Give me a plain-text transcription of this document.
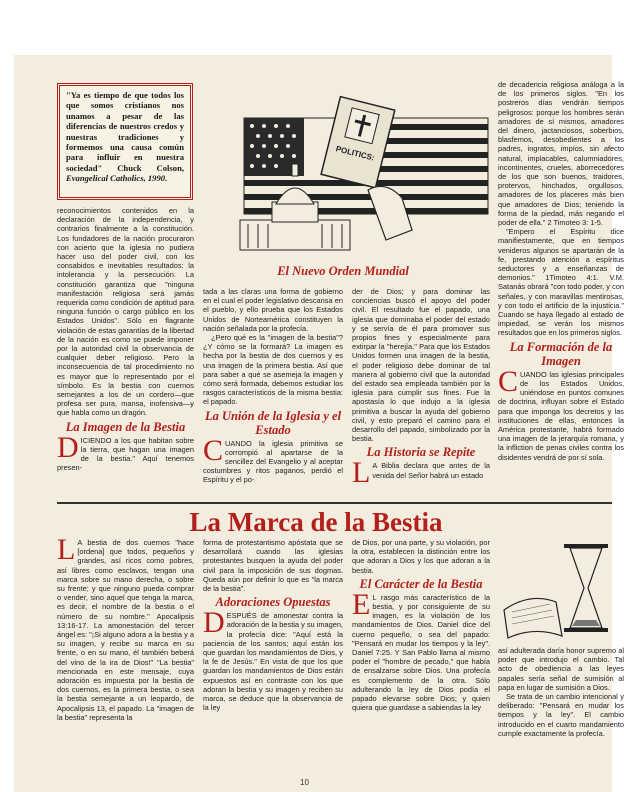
"Ya es tiempo de que todos los que somos cristianos nos unamos a pesar de las diferencias de nuestros credos y nuestras tradiciones y formemos una causa común para influir en nuestra sociedad" Chuck Colson, Evangelical Catholics, 1990.
POLITICS:
El Nuevo Orden Mundial

reconocimientos contenidos en la declaración de la independencia, y contrarios finalmente a la constitución. Los fundadores de la nación procuraron con acierto que la iglesia no pudiera hacer uso del poder civil, con los consabidos e inevitables resultados: la intolerancia y la persecución. La constitución garantiza que "ninguna manifestación religiosa será jamás requerida como condición de aptitud para ninguna función o cargo público en los Estados Unidos". Sólo en flagrante violación de estas garantías de la libertad de la nación es como se puede imponer por la autoridad civil la observancia de cualquier deber religioso. Pero la inconsecuencia de tal procedimiento no es mayor que lo representado por el símbolo. Es la bestia con cuernos semejantes a los de un cordero—que profesa ser pura, mansa, inofensiva—y que habla como un dragón.

La Imagen de la Bestia

DICIENDO a los que habitan sobre la tierra, que hagan una imagen de la bestia." Aquí tenemos presen-

tada a las claras una forma de gobierno en el cual el poder legislativo descansa en el pueblo, y ello prueba que los Estados Unidos de Norteamérica constituyen la nación señalada por la profecía.

¿Pero qué es la "imagen de la bestia"? ¿Y cómo se la formará? La imagen es hecha por la bestia de dos cuernos y es una imagen de la primera bestia. Así que para saber a qué se asemeja la imagen y cómo será formada, debemos estudiar los rasgos característicos de la misma bestia: el papado.

La Unión de la Iglesia y el Estado

CUANDO la iglesia primitiva se corrompió al apartarse de la sencillez del Evangelio y al aceptar costumbres y ritos paganos, perdió el Espíritu y el po-

der de Dios; y para dominar las conciencias buscó el apoyo del poder civil. El resultado fue el papado, una iglesia que dominaba el poder del estado y se servía de él para promover sus propios fines y especialmente para extirpar la "herejía." Para que los Estados Unidos formen una imagen de la bestia, el poder religioso debe dominar de tal manera al gobierno civil que la autoridad del estado sea empleada también por la iglesia para cumplir sus fines. Fue la apostasía lo que indujo a la iglesia primitiva a buscar la ayuda del gobierno civil, y esto preparó el camino para el desarrollo del papado, simbolizado por la bestia.

La Historia se Repite

L A Biblia declara que antes de la venida del Señor habrá un estado

de decadencia religiosa análoga a la de los primeros siglos. "En los postreros días vendrán tiempos peligrosos: porque los hombres serán amadores de sí mismos, amadores del dinero, jactanciosos, soberbios, blasfemos, desobedientes a los padres, ingratos, impíos, sin afecto natural, implacables, calumniadores, incontinentes, crueles, aborrecedores de los que son buenos, traidores, protervos, hinchados, orgullosos, amadores de los placeres más bien que amadores de Dios; teniendo la forma de la piedad, más negando el poder de ella." 2 Timoteo 3: 1-5.

"Empero el Espíritu dice manifiestamente, que en tiempos venideros algunos se apartarán de la fe, prestando atención a espíritus seductores y a enseñanzas de demonios." 1Timoteo 4:1. V.M. Satanás obrará "con todo poder, y con señales, y con maravillas mentirosas, y con todo el artificio de la injusticia." Cuando se haya llegado al estado de impiedad, se verán los mismos resultados que en los primeros siglos.

La Formación de la Imagen

CUANDO las iglesias principales de los Estados Unidos, uniéndose en puntos comunes de doctrina, influyan sobre el Estado para que imponga los decretos y las instituciones de ellas, entonces la América protestante, habrá formado una imagen de la jerarquía romana, y la infliction de penas civiles contra los disidentes vendrá de por sí sola.

La Marca de la Bestia

L A bestia de dos cuernos "hace [ordena] que todos, pequeños y grandes, así ricos como pobres, así libres como esclavos, tengan una marca sobre su mano derecha, o sobre su frente; y que ninguno pueda comprar o vender, sino aquel que tenga la marca, es decir, el nombre de la bestia o el número de su nombre." Apocalipsis 13:16-17. La amonestación del tercer ángel es: "¡Si alguno adora a la bestia y a su imagen, y recibe su marca en su frente, o en su mano, él también beberá del vino de la ira de Dios!" "La bestia" mencionada en este mensaje, cuya adoración es impuesta por la bestia de dos cuernos, es la primera bestia, o sea la bestia semejante a un leopardo, de Apocalipsis 13, el papado. La "imagen de la bestia" representa la

forma de protestantismo apóstata que se desarrollará cuando las iglesias protestantes busquen la ayuda del poder civil para la imposición de sus dogmas. Queda aún por definir lo que es "la marca de la bestia".

Adoraciones Opuestas

DESPUÉS de amonestar contra la adoración de la bestia y su imagen, la profecía dice: "Aquí está la paciencia de los santos; aquí están los que guardan los mandamientos de Dios, y la fe de Jesús." En vista de que los que guardan los mandamientos de Dios están expuestos así en contraste con los que adoran la bestia y su imagen y reciben su marca, se deduce que la observancia de la ley

de Dios, por una parte, y su violación, por la otra, establecen la distinción entre los que adoran a Dios y los que adoran a la bestia.

El Carácter de la Bestia

E L rasgo más característico de la bestia, y por consiguiente de su imagen, es la violación de los mandamientos de Dios. Daniel dice del cuerno pequeño, o sea del papado: "Pensará en mudar los tiempos y la ley". Daniel 7:25. Y San Pablo llama al mismo poder el "hombre de pecado," que había de ensalzarse sobre Dios. Una profecía es complemento de la otra. Sólo adulterando la ley de Dios podía el papado elevarse sobre Dios; y quien quiera que guardase a sabiendas la ley

así adulterada daría honor supremo al poder que introdujo el cambio. Tal acto de obediencia a las leyes papales sería señal de sumisión al papa en lugar de sumisión a Dios.

Se trata de un cambio intencional y deliberado: "Pensará en mudar los tiempos y la ley". El cambio introducido en el cuarto mandamiento cumple exactamente la profecía.

10
